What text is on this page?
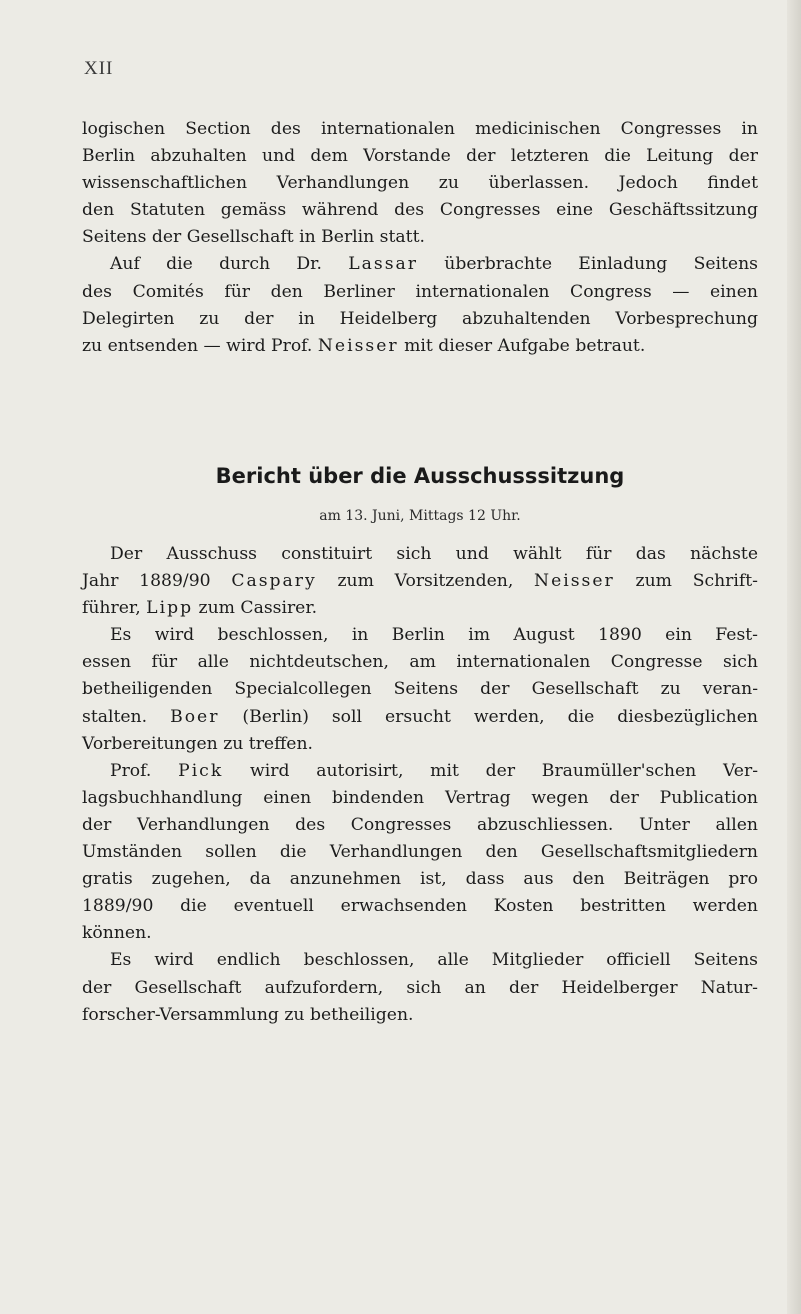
XII
logischen Section des internationalen medicinischen Congresses in
Berlin abzuhalten und dem Vorstande der letzteren die Leitung der
wissenschaftlichen Verhandlungen zu überlassen. Jedoch findet
den Statuten gemäss während des Congresses eine Geschäftssitzung
Seitens der Gesellschaft in Berlin statt.
Auf die durch Dr. Lassar überbrachte Einladung Seitens
des Comités für den Berliner internationalen Congress — einen
Delegirten zu der in Heidelberg abzuhaltenden Vorbesprechung
zu entsenden — wird Prof. Neisser mit dieser Aufgabe betraut.
Bericht über die Ausschusssitzung
am 13. Juni, Mittags 12 Uhr.
Der Ausschuss constituirt sich und wählt für das nächste
Jahr 1889/90 Caspary zum Vorsitzenden, Neisser zum Schrift-
führer, Lipp zum Cassirer.
Es wird beschlossen, in Berlin im August 1890 ein Fest-
essen für alle nichtdeutschen, am internationalen Congresse sich
betheiligenden Specialcollegen Seitens der Gesellschaft zu veran-
stalten. Boer (Berlin) soll ersucht werden, die diesbezüglichen
Vorbereitungen zu treffen.
Prof. Pick wird autorisirt, mit der Braumüller'schen Ver-
lagsbuchhandlung einen bindenden Vertrag wegen der Publication
der Verhandlungen des Congresses abzuschliessen. Unter allen
Umständen sollen die Verhandlungen den Gesellschaftsmitgliedern
gratis zugehen, da anzunehmen ist, dass aus den Beiträgen pro
1889/90 die eventuell erwachsenden Kosten bestritten werden
können.
Es wird endlich beschlossen, alle Mitglieder officiell Seitens
der Gesellschaft aufzufordern, sich an der Heidelberger Natur-
forscher-Versammlung zu betheiligen.
